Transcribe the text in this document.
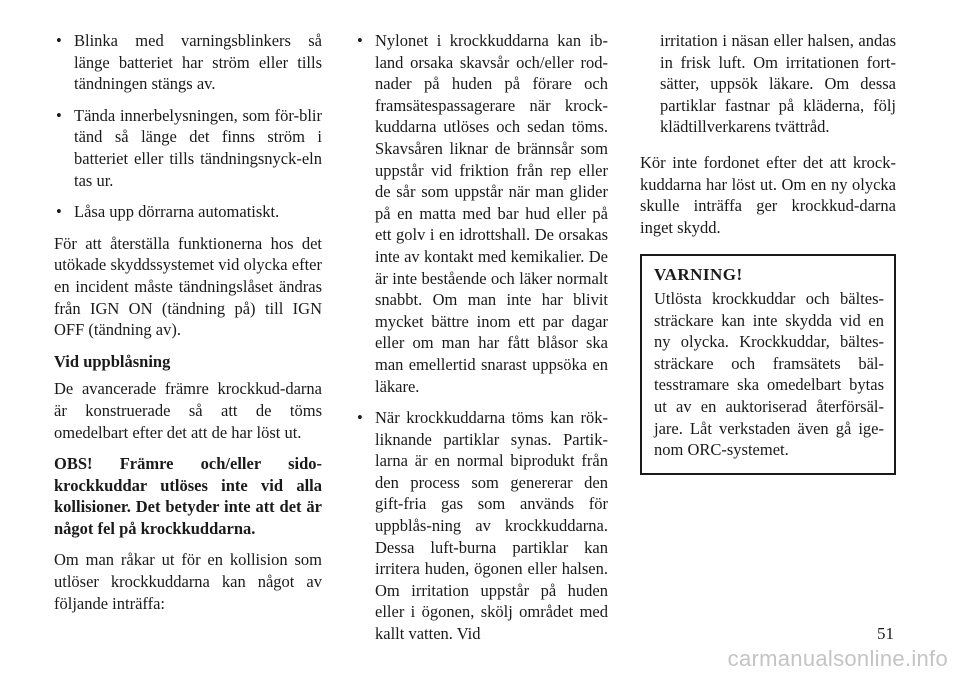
• Blinka med varningsblinkers så länge batteriet har ström eller tills tändningen stängs av.
• Tända innerbelysningen, som för-blir tänd så länge det finns ström i batteriet eller tills tändningsnyck-eln tas ur.
• Låsa upp dörrarna automatiskt.

För att återställa funktionerna hos det utökade skyddssystemet vid olycka efter en incident måste tändningslåset ändras från IGN ON (tändning på) till IGN OFF (tändning av).

Vid uppblåsning

De avancerade främre krockkud-darna är konstruerade så att de töms omedelbart efter det att de har löst ut.

OBS! Främre och/eller sido-krockkuddar utlöses inte vid alla kollisioner. Det betyder inte att det är något fel på krockkuddarna.

Om man råkar ut för en kollision som utlöser krockkuddarna kan något av följande inträffa:

• Nylonet i krockkuddarna kan ib-land orsaka skavsår och/eller rod-nader på huden på förare och framsätespassagerare när krock-kuddarna utlöses och sedan töms. Skavsåren liknar de brännsår som uppstår vid friktion från rep eller de sår som uppstår när man glider på en matta med bar hud eller på ett golv i en idrottshall. De orsakas inte av kontakt med kemikalier. De är inte bestående och läker normalt snabbt. Om man inte har blivit mycket bättre inom ett par dagar eller om man har fått blåsor ska man emellertid snarast uppsöka en läkare.
• När krockkuddarna töms kan rök-liknande partiklar synas. Partik-larna är en normal biprodukt från den process som genererar den gift-fria gas som används för uppblås-ning av krockkuddarna. Dessa luft-burna partiklar kan irritera huden, ögonen eller halsen. Om irritation uppstår på huden eller i ögonen, skölj området med kallt vatten. Vid

irritation i näsan eller halsen, andas in frisk luft. Om irritationen fort-sätter, uppsök läkare. Om dessa partiklar fastnar på kläderna, följ klädtillverkarens tvättråd.

Kör inte fordonet efter det att krock-kuddarna har löst ut. Om en ny olycka skulle inträffa ger krockkud-darna inget skydd.

VARNING!

Utlösta krockkuddar och bältes-sträckare kan inte skydda vid en ny olycka. Krockkuddar, bältes-sträckare och framsätets bäl-tesstramare ska omedelbart bytas ut av en auktoriserad återförsäl-jare. Låt verkstaden även gå ige-nom ORC-systemet.

51
carmanualsonline.info
